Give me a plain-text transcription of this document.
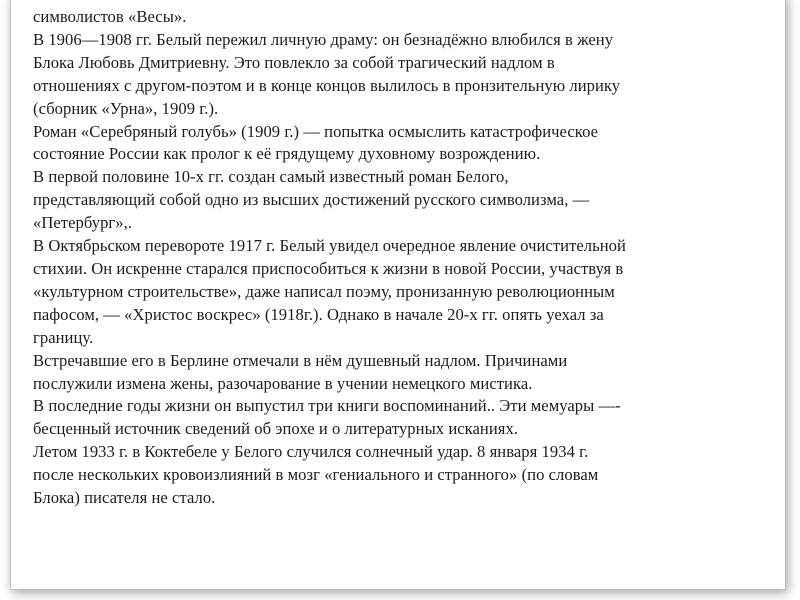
символистов «Весы».
В 1906—1908 гг. Белый пережил личную драму: он безнадёжно влюбился в жену
Блока Любовь Дмитриевну. Это повлекло за собой трагический надлом в
отношениях с другом-поэтом и в конце концов вылилось в пронзительную лирику
(сборник «Урна», 1909 г.).
Роман «Серебряный голубь» (1909 г.) — попытка осмыслить катастрофическое
состояние России как пролог к её грядущему духовному возрождению.
В первой половине 10-х гг. создан самый известный роман Белого,
представляющий собой одно из высших достижений русского символизма, —
«Петербург»,.
В Октябрьском перевороте 1917 г. Белый увидел очередное явление очистительной
стихии. Он искренне старался приспособиться к жизни в новой России, участвуя в
«культурном строительстве», даже написал поэму, пронизанную революционным
пафосом, — «Христос воскрес» (1918г.). Однако в начале 20-х гг. опять уехал за
границу.
Встречавшие его в Берлине отмечали в нём душевный надлом. Причинами
послужили измена жены, разочарование в учении немецкого мистика.
В последние годы жизни он выпустил три книги воспоминаний.. Эти мемуары —-
бесценный источник сведений об эпохе и о литературных исканиях.
Летом 1933 г. в Коктебеле у Белого случился солнечный удар. 8 января 1934 г.
после нескольких кровоизлияний в мозг «гениального и странного» (по словам
Блока) писателя не стало.
